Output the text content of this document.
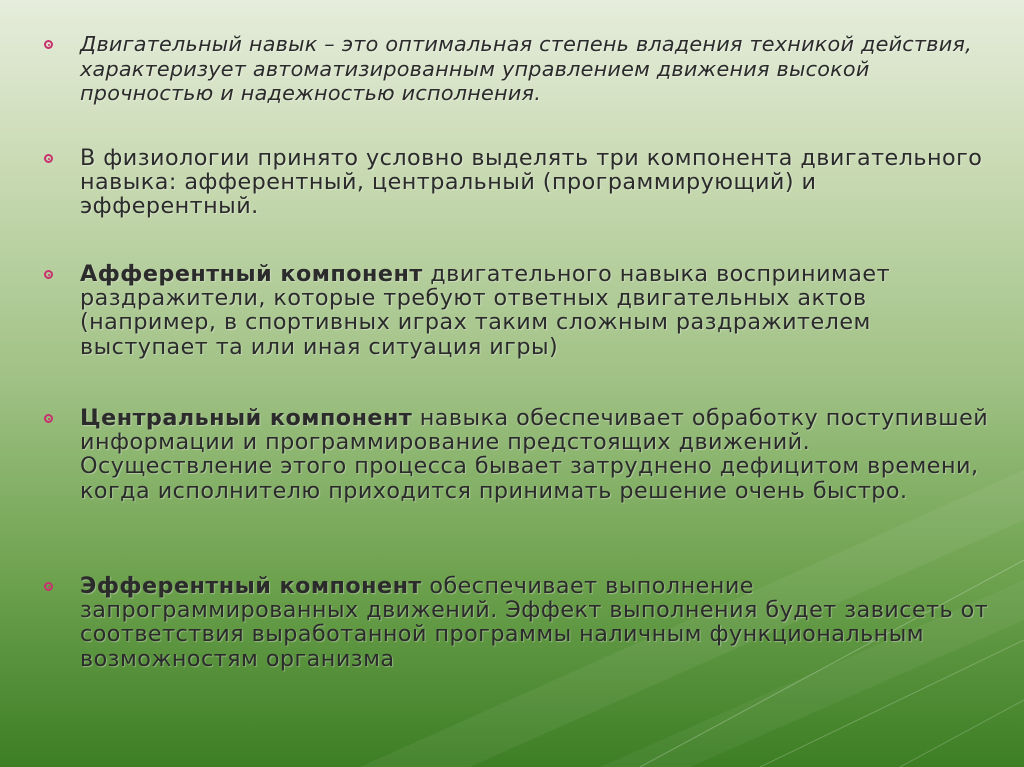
Двигательный навык – это оптимальная степень владения техникой действия, характеризует автоматизированным управлением движения высокой прочностью и надежностью исполнения.
В физиологии принято условно выделять три компонента двигательного навыка: афферентный, центральный (программирующий) и эфферентный.
Афферентный компонент двигательного навыка воспринимает раздражители, которые требуют ответных двигательных актов (например, в спортивных играх таким сложным раздражителем выступает та или иная ситуация игры)
Центральный компонент навыка обеспечивает обработку поступившей информации и программирование предстоящих движений. Осуществление этого процесса бывает затруднено дефицитом времени, когда исполнителю приходится принимать решение очень быстро.
Эфферентный компонент обеспечивает выполнение запрограммированных движений. Эффект выполнения будет зависеть от соответствия выработанной программы наличным функциональным возможностям организма
